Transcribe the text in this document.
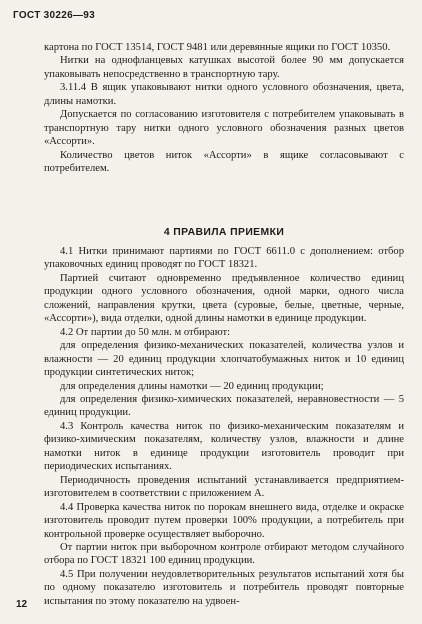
ГОСТ 30226—93

картона по ГОСТ 13514, ГОСТ 9481 или деревянные ящики по ГОСТ 10350.

Нитки на однофланцевых катушках высотой более 90 мм допускается упаковывать непосредственно в транспортную тару.

3.11.4 В ящик упаковывают нитки одного условного обозначения, цвета, длины намотки.

Допускается по согласованию изготовителя с потребителем упаковывать в транспортную тару нитки одного условного обозначения разных цветов «Ассорти».

Количество цветов ниток «Ассорти» в ящике согласовывают с потребителем.

4 ПРАВИЛА ПРИЕМКИ

4.1 Нитки принимают партиями по ГОСТ 6611.0 с дополнением: отбор упаковочных единиц проводят по ГОСТ 18321.

Партией считают одновременно предъявленное количество единиц продукции одного условного обозначения, одной марки, одного числа сложений, направления крутки, цвета (суровые, белые, цветные, черные, «Ассорти»), вида отделки, одной длины намотки в единице продукции.

4.2 От партии до 50 млн. м отбирают:

для определения физико-механических показателей, количества узлов и влажности — 20 единиц продукции хлопчатобумажных ниток и 10 единиц продукции синтетических ниток;

для определения длины намотки — 20 единиц продукции;

для определения физико-химических показателей, неравновестности — 5 единиц продукции.

4.3 Контроль качества ниток по физико-механическим показателям и физико-химическим показателям, количеству узлов, влажности и длине намотки ниток в единице продукции изготовитель проводит при периодических испытаниях.

Периодичность проведения испытаний устанавливается предприятием-изготовителем в соответствии с приложением А.

4.4 Проверка качества ниток по порокам внешнего вида, отделке и окраске изготовитель проводит путем проверки 100% продукции, а потребитель при контрольной проверке осуществляет выборочно.

От партии ниток при выборочном контроле отбирают методом случайного отбора по ГОСТ 18321 100 единиц продукции.

4.5 При получении неудовлетворительных результатов испытаний хотя бы по одному показателю изготовитель и потребитель проводят повторные испытания по этому показателю на удвоен-

12
